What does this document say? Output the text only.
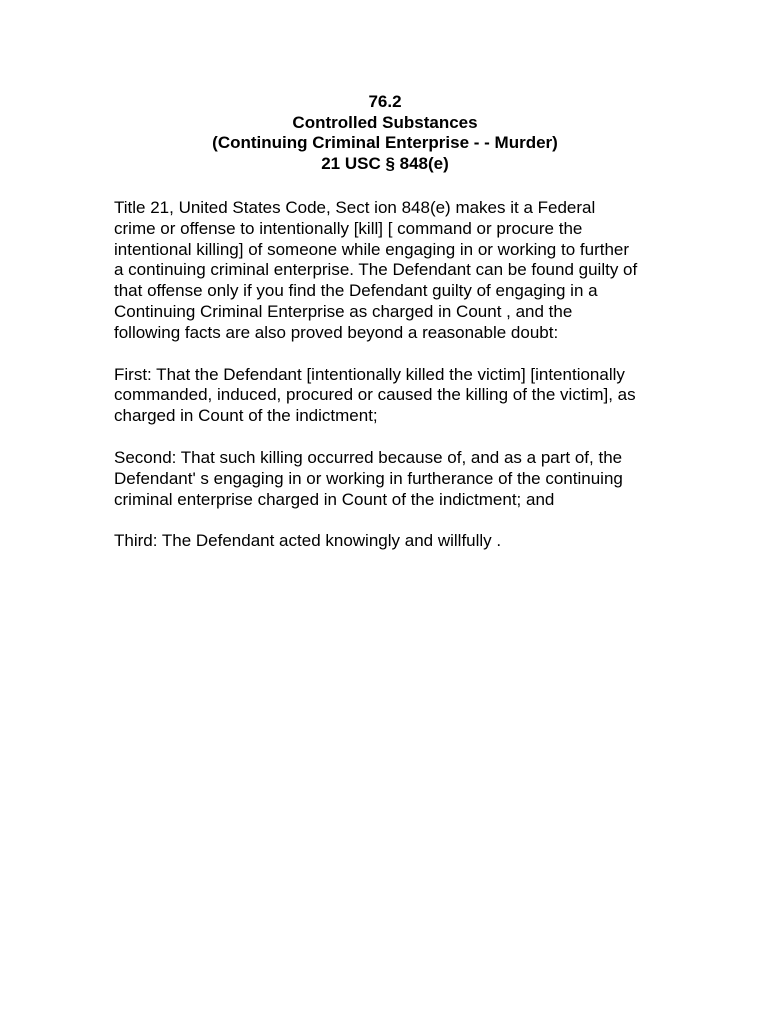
76.2
Controlled Substances
(Continuing Criminal Enterprise - - Murder)
21 USC § 848(e)

Title 21, United States Code, Sect ion 848(e) makes it a Federal
crime or offense to intentionally [kill] [ command or procure the
intentional killing] of someone while engaging in or working to further
a continuing criminal enterprise. The Defendant can be found guilty of
that offense only if you find the Defendant guilty of engaging in a
Continuing Criminal Enterprise as charged in Count , and the
following facts are also proved beyond a reasonable doubt:

First: That the Defendant [intentionally killed the victim] [intentionally
commanded, induced, procured or caused the killing of the victim], as
charged in Count of the indictment;

Second: That such killing occurred because of, and as a part of, the
Defendant' s engaging in or working in furtherance of the continuing
criminal enterprise charged in Count of the indictment; and

Third: The Defendant acted knowingly and willfully .
